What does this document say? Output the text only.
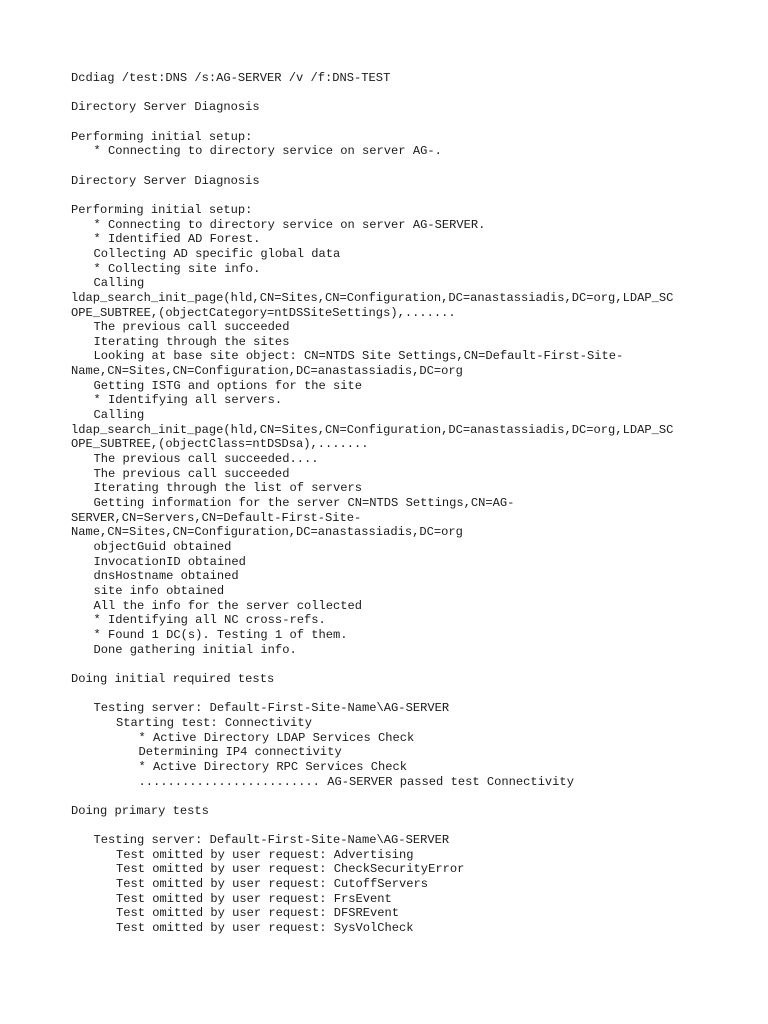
Dcdiag /test:DNS /s:AG-SERVER /v /f:DNS-TEST
Directory Server Diagnosis
Performing initial setup:
* Connecting to directory service on server AG-.
Directory Server Diagnosis
Performing initial setup:
* Connecting to directory service on server AG-SERVER.
* Identified AD Forest.
Collecting AD specific global data
* Collecting site info.
Calling
ldap_search_init_page(hld,CN=Sites,CN=Configuration,DC=anastassiadis,DC=org,LDAP_SC
OPE_SUBTREE,(objectCategory=ntDSSiteSettings),.......
The previous call succeeded
Iterating through the sites
Looking at base site object: CN=NTDS Site Settings,CN=Default-First-Site-
Name,CN=Sites,CN=Configuration,DC=anastassiadis,DC=org
Getting ISTG and options for the site
* Identifying all servers.
Calling
ldap_search_init_page(hld,CN=Sites,CN=Configuration,DC=anastassiadis,DC=org,LDAP_SC
OPE_SUBTREE,(objectClass=ntDSDsa),.......
The previous call succeeded....
The previous call succeeded
Iterating through the list of servers
Getting information for the server CN=NTDS Settings,CN=AG-
SERVER,CN=Servers,CN=Default-First-Site-
Name,CN=Sites,CN=Configuration,DC=anastassiadis,DC=org
objectGuid obtained
InvocationID obtained
dnsHostname obtained
site info obtained
All the info for the server collected
* Identifying all NC cross-refs.
* Found 1 DC(s). Testing 1 of them.
Done gathering initial info.
Doing initial required tests
Testing server: Default-First-Site-Name\AG-SERVER
Starting test: Connectivity
* Active Directory LDAP Services Check
Determining IP4 connectivity
* Active Directory RPC Services Check
......................... AG-SERVER passed test Connectivity
Doing primary tests
Testing server: Default-First-Site-Name\AG-SERVER
Test omitted by user request: Advertising
Test omitted by user request: CheckSecurityError
Test omitted by user request: CutoffServers
Test omitted by user request: FrsEvent
Test omitted by user request: DFSREvent
Test omitted by user request: SysVolCheck
